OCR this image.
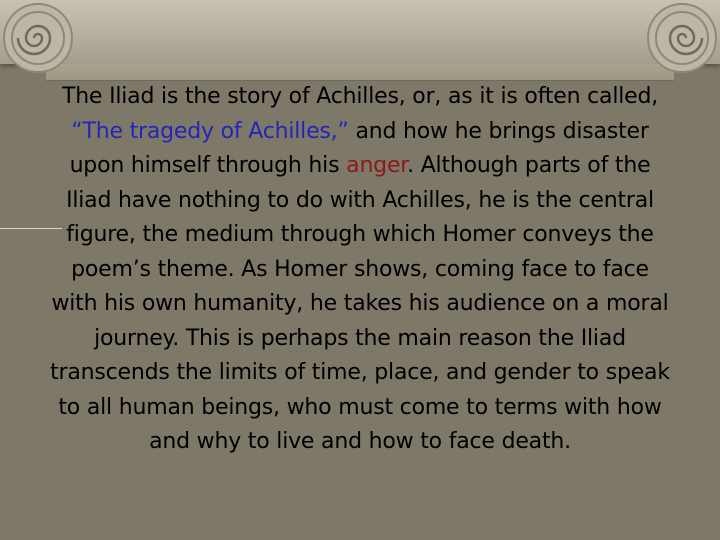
The Iliad is the story of Achilles, or, as it is often called, “The tragedy of Achilles,” and how he brings disaster upon himself through his anger. Although parts of the Iliad have nothing to do with Achilles, he is the central figure, the medium through which Homer conveys the poem’s theme. As Homer shows, coming face to face with his own humanity, he takes his audience on a moral journey. This is perhaps the main reason the Iliad transcends the limits of time, place, and gender to speak to all human beings, who must come to terms with how and why to live and how to face death.
